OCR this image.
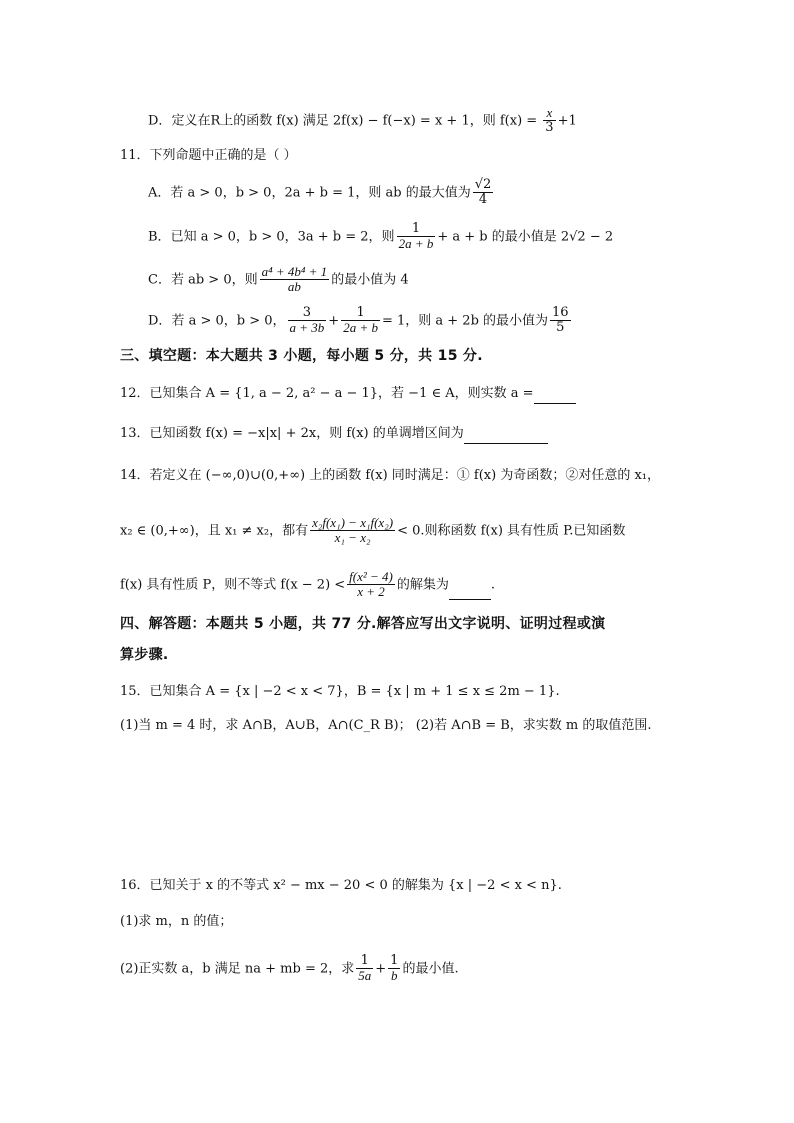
D．定义在R上的函数 f(x) 满足 2f(x) − f(−x) = x + 1，则 $f(x) = \frac{x}{3} +1$
11．下列命题中正确的是（ ）
A．若 a > 0，b > 0，2a + b = 1，则 ab 的最大值为 $\frac{√2}{4}$
B．已知 a > 0，b > 0，3a + b = 2，则 $\frac{1}{2a + b} + a + b$ 的最小值是 2√2 − 2
C．若 ab > 0，则 $\frac{\text{a⁴ + 4b⁴ + 1}}{ab}$ 的最小值为 4
D．若 a > 0，b > 0， $\frac{3}{a + 3b} + \frac{1}{2a + b} = 1$，则 a + 2b 的最小值为 $\frac{16}{5}$
三、填空题：本大题共 3 小题，每小题 5 分，共 15 分.
12．已知集合 A = {1, a − 2, a² − a − 1}，若 −1 ∈ A，则实数 a =
13．已知函数 f(x) = −x|x| + 2x，则 f(x) 的单调增区间为
14．若定义在 (−∞,0)∪(0,+∞) 上的函数 f(x) 同时满足：① f(x) 为奇函数；②对任意的 x₁，
x₂ ∈ (0,+∞)，且 x₁ ≠ x₂，都有 $\frac{\text{x₂f(x₁) − x₁f(x₂)}}{\text{x₁ − x₂}} < 0$.则称函数 f(x) 具有性质 P.已知函数
f(x) 具有性质 P，则不等式 $f(x - 2) < \frac{\text{f(x² − 4)}}{x + 2}$ 的解集为	.
四、解答题：本题共 5 小题，共 77 分.解答应写出文字说明、证明过程或演
算步骤.
15．已知集合 A = {x | −2 < x < 7}，B = {x | m + 1 ≤ x ≤ 2m − 1}.
(1)当 m = 4 时，求 A∩B，A∪B，A∩(C_R B)； (2)若 A∩B = B，求实数 m 的取值范围.
16．已知关于 x 的不等式 x² − mx − 20 < 0 的解集为 {x | −2 < x < n}.
(1)求 m，n 的值；
(2)正实数 a，b 满足 na + mb = 2，求 $\frac{1}{5a} + \frac{1}{b}$ 的最小值.
